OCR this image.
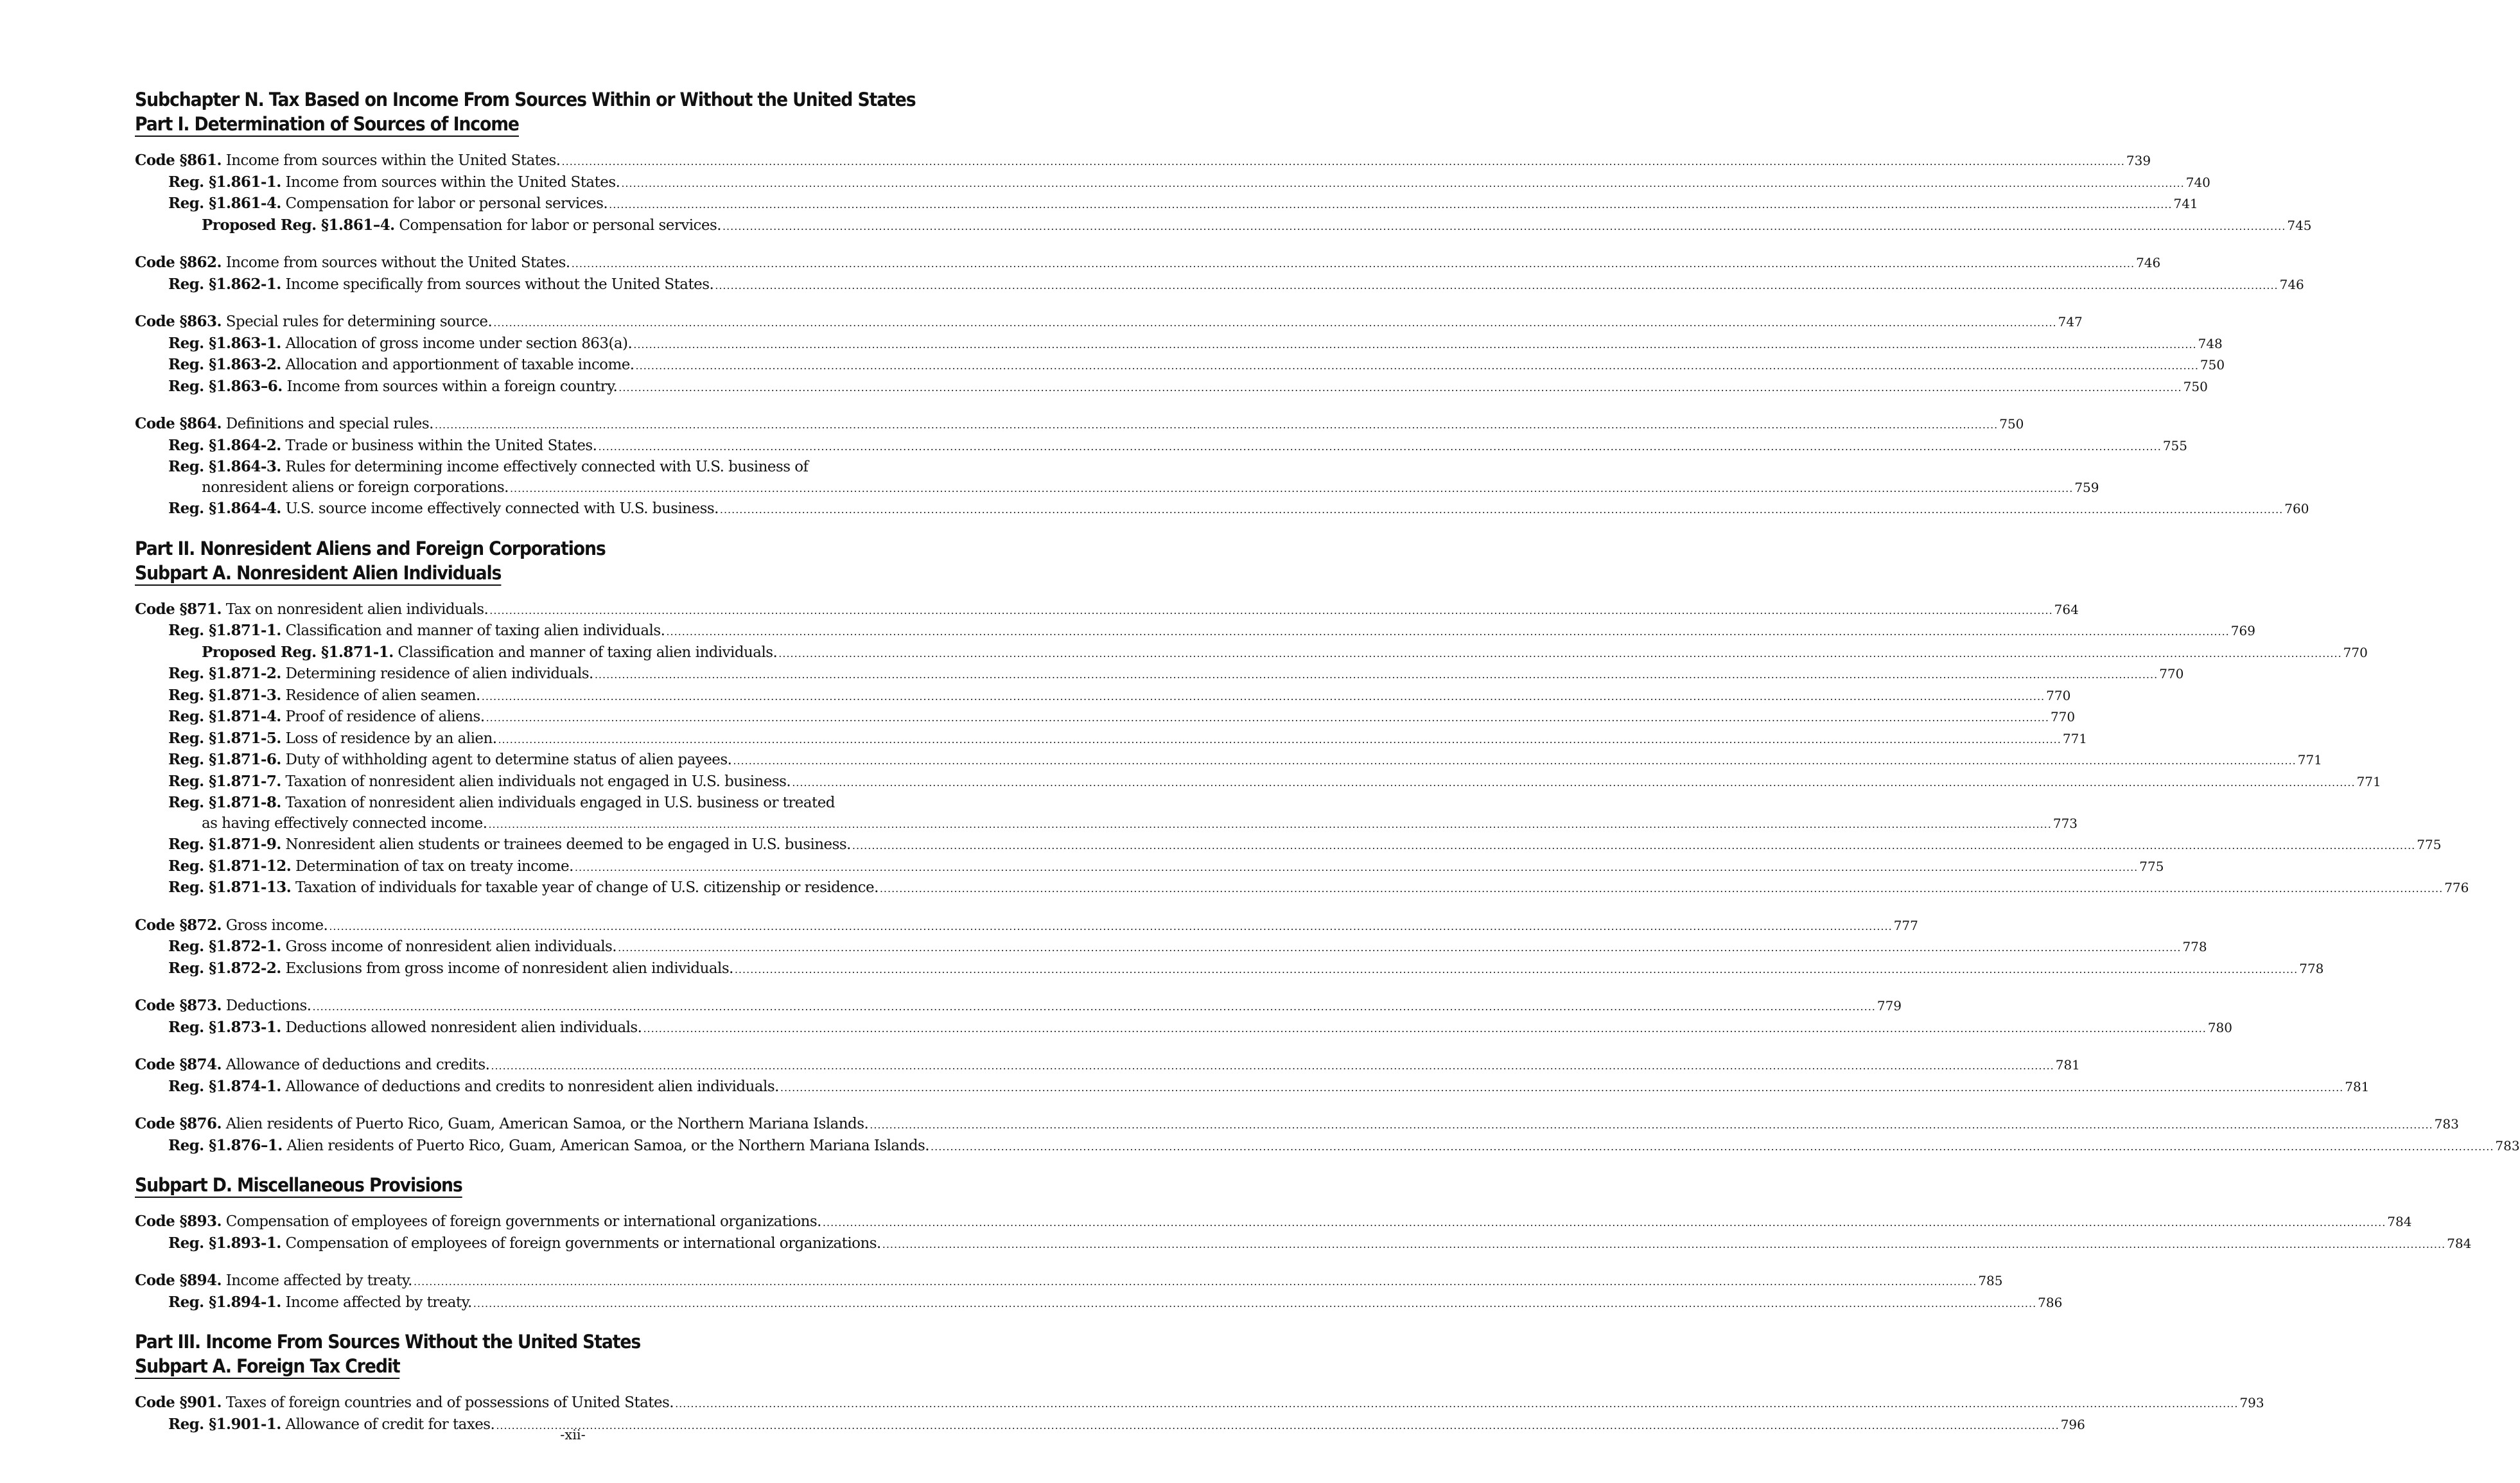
Subchapter N. Tax Based on Income From Sources Within or Without the United States
Part I. Determination of Sources of Income
Code §861. Income from sources within the United States. ................................................................................................................................................................................................................................................................................................................................................................................................................ 739
Reg. §1.861-1. Income from sources within the United States. ................................................................................................................................................................................................................................................................................................................................................................................................................ 740
Reg. §1.861-4. Compensation for labor or personal services. ................................................................................................................................................................................................................................................................................................................................................................................................................ 741
Proposed Reg. §1.861–4. Compensation for labor or personal services. ................................................................................................................................................................................................................................................................................................................................................................................................................ 745
Code §862. Income from sources without the United States. ................................................................................................................................................................................................................................................................................................................................................................................................................ 746
Reg. §1.862-1. Income specifically from sources without the United States. ................................................................................................................................................................................................................................................................................................................................................................................................................ 746
Code §863. Special rules for determining source. ................................................................................................................................................................................................................................................................................................................................................................................................................ 747
Reg. §1.863-1. Allocation of gross income under section 863(a). ................................................................................................................................................................................................................................................................................................................................................................................................................ 748
Reg. §1.863-2. Allocation and apportionment of taxable income. ................................................................................................................................................................................................................................................................................................................................................................................................................ 750
Reg. §1.863–6. Income from sources within a foreign country. ................................................................................................................................................................................................................................................................................................................................................................................................................ 750
Code §864. Definitions and special rules. ................................................................................................................................................................................................................................................................................................................................................................................................................ 750
Reg. §1.864-2. Trade or business within the United States. ................................................................................................................................................................................................................................................................................................................................................................................................................ 755
Reg. §1.864-3. Rules for determining income effectively connected with U.S. business of
nonresident aliens or foreign corporations. ................................................................................................................................................................................................................................................................................................................................................................................................................ 759
Reg. §1.864-4. U.S. source income effectively connected with U.S. business. ................................................................................................................................................................................................................................................................................................................................................................................................................ 760
Part II. Nonresident Aliens and Foreign Corporations
Subpart A. Nonresident Alien Individuals
Code §871. Tax on nonresident alien individuals. ................................................................................................................................................................................................................................................................................................................................................................................................................ 764
Reg. §1.871-1. Classification and manner of taxing alien individuals. ................................................................................................................................................................................................................................................................................................................................................................................................................ 769
Proposed Reg. §1.871-1. Classification and manner of taxing alien individuals. ................................................................................................................................................................................................................................................................................................................................................................................................................ 770
Reg. §1.871-2. Determining residence of alien individuals. ................................................................................................................................................................................................................................................................................................................................................................................................................ 770
Reg. §1.871-3. Residence of alien seamen. ................................................................................................................................................................................................................................................................................................................................................................................................................ 770
Reg. §1.871-4. Proof of residence of aliens. ................................................................................................................................................................................................................................................................................................................................................................................................................ 770
Reg. §1.871-5. Loss of residence by an alien. ................................................................................................................................................................................................................................................................................................................................................................................................................ 771
Reg. §1.871-6. Duty of withholding agent to determine status of alien payees. ................................................................................................................................................................................................................................................................................................................................................................................................................ 771
Reg. §1.871-7. Taxation of nonresident alien individuals not engaged in U.S. business. ................................................................................................................................................................................................................................................................................................................................................................................................................ 771
Reg. §1.871-8. Taxation of nonresident alien individuals engaged in U.S. business or treated
as having effectively connected income. ................................................................................................................................................................................................................................................................................................................................................................................................................ 773
Reg. §1.871-9. Nonresident alien students or trainees deemed to be engaged in U.S. business. ................................................................................................................................................................................................................................................................................................................................................................................................................ 775
Reg. §1.871-12. Determination of tax on treaty income. ................................................................................................................................................................................................................................................................................................................................................................................................................ 775
Reg. §1.871-13. Taxation of individuals for taxable year of change of U.S. citizenship or residence. ................................................................................................................................................................................................................................................................................................................................................................................................................ 776
Code §872. Gross income. ................................................................................................................................................................................................................................................................................................................................................................................................................ 777
Reg. §1.872-1. Gross income of nonresident alien individuals. ................................................................................................................................................................................................................................................................................................................................................................................................................ 778
Reg. §1.872-2. Exclusions from gross income of nonresident alien individuals. ................................................................................................................................................................................................................................................................................................................................................................................................................ 778
Code §873. Deductions. ................................................................................................................................................................................................................................................................................................................................................................................................................ 779
Reg. §1.873-1. Deductions allowed nonresident alien individuals. ................................................................................................................................................................................................................................................................................................................................................................................................................ 780
Code §874. Allowance of deductions and credits. ................................................................................................................................................................................................................................................................................................................................................................................................................ 781
Reg. §1.874-1. Allowance of deductions and credits to nonresident alien individuals. ................................................................................................................................................................................................................................................................................................................................................................................................................ 781
Code §876. Alien residents of Puerto Rico, Guam, American Samoa, or the Northern Mariana Islands. ................................................................................................................................................................................................................................................................................................................................................................................................................ 783
Reg. §1.876–1. Alien residents of Puerto Rico, Guam, American Samoa, or the Northern Mariana Islands. ................................................................................................................................................................................................................................................................................................................................................................................................................ 783
Subpart D. Miscellaneous Provisions
Code §893. Compensation of employees of foreign governments or international organizations. ................................................................................................................................................................................................................................................................................................................................................................................................................ 784
Reg. §1.893-1. Compensation of employees of foreign governments or international organizations. ................................................................................................................................................................................................................................................................................................................................................................................................................ 784
Code §894. Income affected by treaty. ................................................................................................................................................................................................................................................................................................................................................................................................................ 785
Reg. §1.894-1. Income affected by treaty. ................................................................................................................................................................................................................................................................................................................................................................................................................ 786
Part III. Income From Sources Without the United States
Subpart A. Foreign Tax Credit
Code §901. Taxes of foreign countries and of possessions of United States. ................................................................................................................................................................................................................................................................................................................................................................................................................ 793
Reg. §1.901-1. Allowance of credit for taxes. ................................................................................................................................................................................................................................................................................................................................................................................................................ 796
-xii-
